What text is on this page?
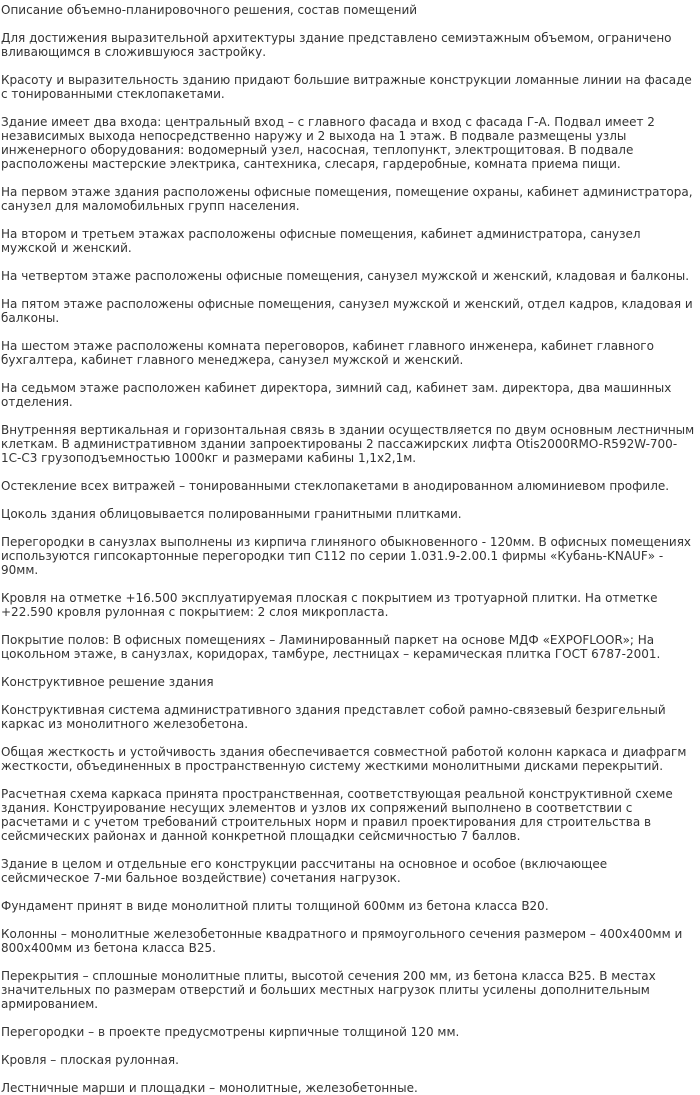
Описание объемно-планировочного решения, состав помещений

Для достижения выразительной архитектуры здание представлено семиэтажным объемом, ограничено вливающимся в сложившуюся застройку.

Красоту и выразительность зданию придают большие витражные конструкции ломанные линии на фасаде с тонированными стеклопакетами.

Здание имеет два входа: центральный вход – с главного фасада и вход с фасада Г-А. Подвал имеет 2 независимых выхода непосредственно наружу и 2 выхода на 1 этаж. В подвале размещены узлы инженерного оборудования: водомерный узел, насосная, теплопункт, электрощитовая. В подвале расположены мастерские электрика, сантехника, слесаря, гардеробные, комната приема пищи.

На первом этаже здания расположены офисные помещения, помещение охраны, кабинет администратора, санузел для маломобильных групп населения.

На втором и третьем этажах расположены офисные помещения, кабинет администратора, санузел мужской и женский.

На четвертом этаже расположены офисные помещения, санузел мужской и женский, кладовая и балконы.

На пятом этаже расположены офисные помещения, санузел мужской и женский, отдел кадров, кладовая и балконы.

На шестом этаже расположены комната переговоров, кабинет главного инженера, кабинет главного бухгалтера, кабинет главного менеджера, санузел мужской и женский.

На седьмом этаже расположен кабинет директора, зимний сад, кабинет зам. директора, два машинных отделения.

Внутренняя вертикальная и горизонтальная связь в здании осуществляется по двум основным лестничным клеткам. В административном здании запроектированы 2 пассажирских лифта Otis2000RMO-R592W-700-1C-C3 грузоподъемностью 1000кг и размерами кабины 1,1х2,1м.

Остекление всех витражей – тонированными стеклопакетами в анодированном алюминиевом профиле.

Цоколь здания облицовывается полированными гранитными плитками.

Перегородки в санузлах выполнены из кирпича глиняного обыкновенного - 120мм. В офисных помещениях используются гипсокартонные перегородки тип С112 по серии 1.031.9-2.00.1 фирмы «Кубань-KNAUF» - 90мм.

Кровля на отметке +16.500 эксплуатируемая плоская с покрытием из тротуарной плитки. На отметке +22.590 кровля рулонная с покрытием: 2 слоя микропласта.

Покрытие полов: В офисных помещениях – Ламинированный паркет на основе МДФ «EXPOFLOOR»; На цокольном этаже, в санузлах, коридорах, тамбуре, лестницах – керамическая плитка ГОСТ 6787-2001.

Конструктивное решение здания

Конструктивная система административного здания представлет собой рамно-связевый безригельный каркас из монолитного железобетона.

Общая жесткость и устойчивость здания обеспечивается совместной работой колонн каркаса и диафрагм жесткости, объединенных в пространственную систему жесткими монолитными дисками перекрытий.

Расчетная схема каркаса принята пространственная, соответствующая реальной конструктивной схеме здания. Конструирование несущих элементов и узлов их сопряжений выполнено в соответствии с расчетами и с учетом требований строительных норм и правил проектирования для строительства в сейсмических районах и данной конкретной площадки сейсмичностью 7 баллов.

Здание в целом и отдельные его конструкции рассчитаны на основное и особое (включающее сейсмическое 7-ми бальное воздействие) сочетания нагрузок.

Фундамент принят в виде монолитной плиты толщиной 600мм из бетона класса В20.

Колонны – монолитные железобетонные квадратного и прямоугольного сечения размером – 400х400мм и 800х400мм из бетона класса В25.

Перекрытия – сплошные монолитные плиты, высотой сечения 200 мм, из бетона класса В25. В местах значительных по размерам отверстий и больших местных нагрузок плиты усилены дополнительным армированием.

Перегородки – в проекте предусмотрены кирпичные толщиной 120 мм.

Кровля – плоская рулонная.

Лестничные марши и площадки – монолитные, железобетонные.
